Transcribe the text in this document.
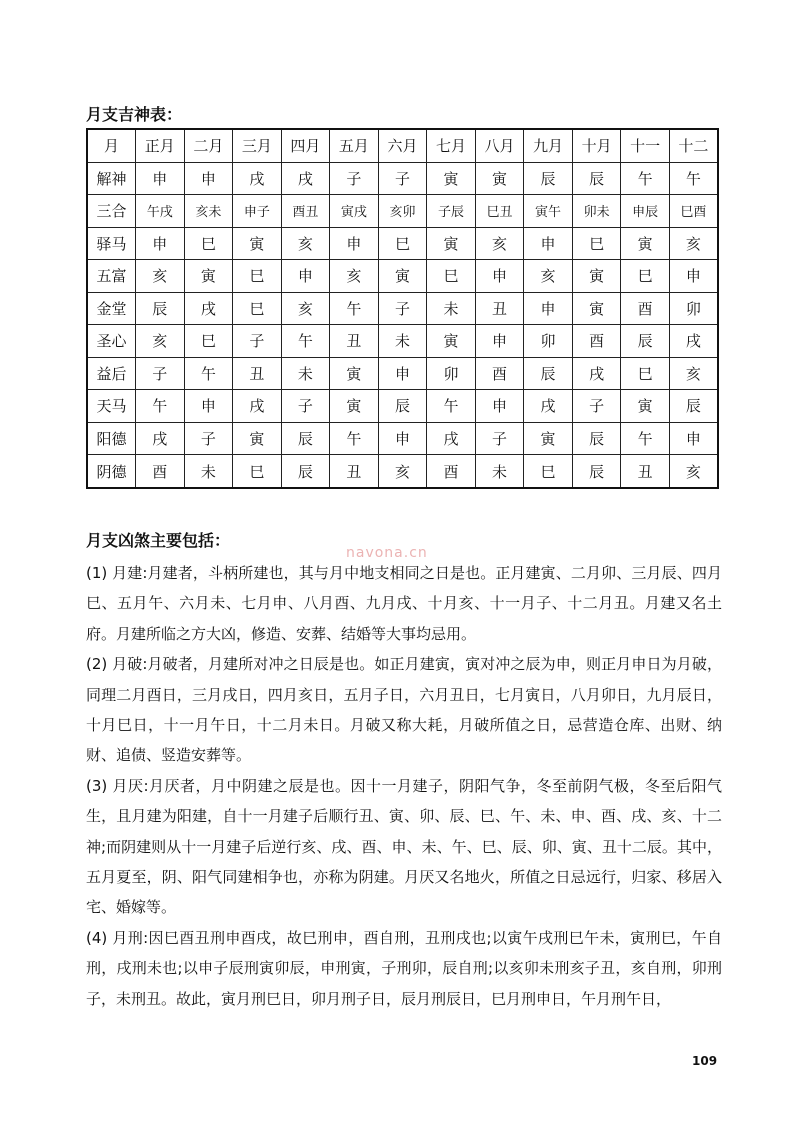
月支吉神表：
月	正月	二月	三月	四月	五月	六月	七月	八月	九月	十月	十一	十二
解神	申	申	戌	戌	子	子	寅	寅	辰	辰	午	午
三合	午戌	亥未	申子	酉丑	寅戌	亥卯	子辰	巳丑	寅午	卯未	申辰	巳酉
驿马	申	巳	寅	亥	申	巳	寅	亥	申	巳	寅	亥
五富	亥	寅	巳	申	亥	寅	巳	申	亥	寅	巳	申
金堂	辰	戌	巳	亥	午	子	未	丑	申	寅	酉	卯
圣心	亥	巳	子	午	丑	未	寅	申	卯	酉	辰	戌
益后	子	午	丑	未	寅	申	卯	酉	辰	戌	巳	亥
天马	午	申	戌	子	寅	辰	午	申	戌	子	寅	辰
阳德	戌	子	寅	辰	午	申	戌	子	寅	辰	午	申
阴德	酉	未	巳	辰	丑	亥	酉	未	巳	辰	丑	亥
月支凶煞主要包括：
navona.cn

(1) 月建:月建者，斗柄所建也，其与月中地支相同之日是也。正月建寅、二月卯、三月辰、四月巳、五月午、六月未、七月申、八月酉、九月戌、十月亥、十一月子、十二月丑。月建又名土府。月建所临之方大凶，修造、安葬、结婚等大事均忌用。

(2) 月破:月破者，月建所对冲之日辰是也。如正月建寅，寅对冲之辰为申，则正月申日为月破，同理二月酉日，三月戌日，四月亥日，五月子日，六月丑日，七月寅日，八月卯日，九月辰日，十月巳日，十一月午日，十二月未日。月破又称大耗，月破所值之日，忌营造仓库、出财、纳财、追债、竖造安葬等。

(3) 月厌:月厌者，月中阴建之辰是也。因十一月建子，阴阳气争，冬至前阴气极，冬至后阳气生，且月建为阳建，自十一月建子后顺行丑、寅、卯、辰、巳、午、未、申、酉、戌、亥、十二神;而阴建则从十一月建子后逆行亥、戌、酉、申、未、午、巳、辰、卯、寅、丑十二辰。其中，五月夏至，阴、阳气同建相争也，亦称为阴建。月厌又名地火，所值之日忌远行，归家、移居入宅、婚嫁等。

(4) 月刑:因巳酉丑刑申酉戌，故巳刑申，酉自刑，丑刑戌也;以寅午戌刑巳午未，寅刑巳，午自刑，戌刑未也;以申子辰刑寅卯辰，申刑寅，子刑卯，辰自刑;以亥卯未刑亥子丑，亥自刑，卯刑子，未刑丑。故此，寅月刑巳日，卯月刑子日，辰月刑辰日，巳月刑申日，午月刑午日，

109
